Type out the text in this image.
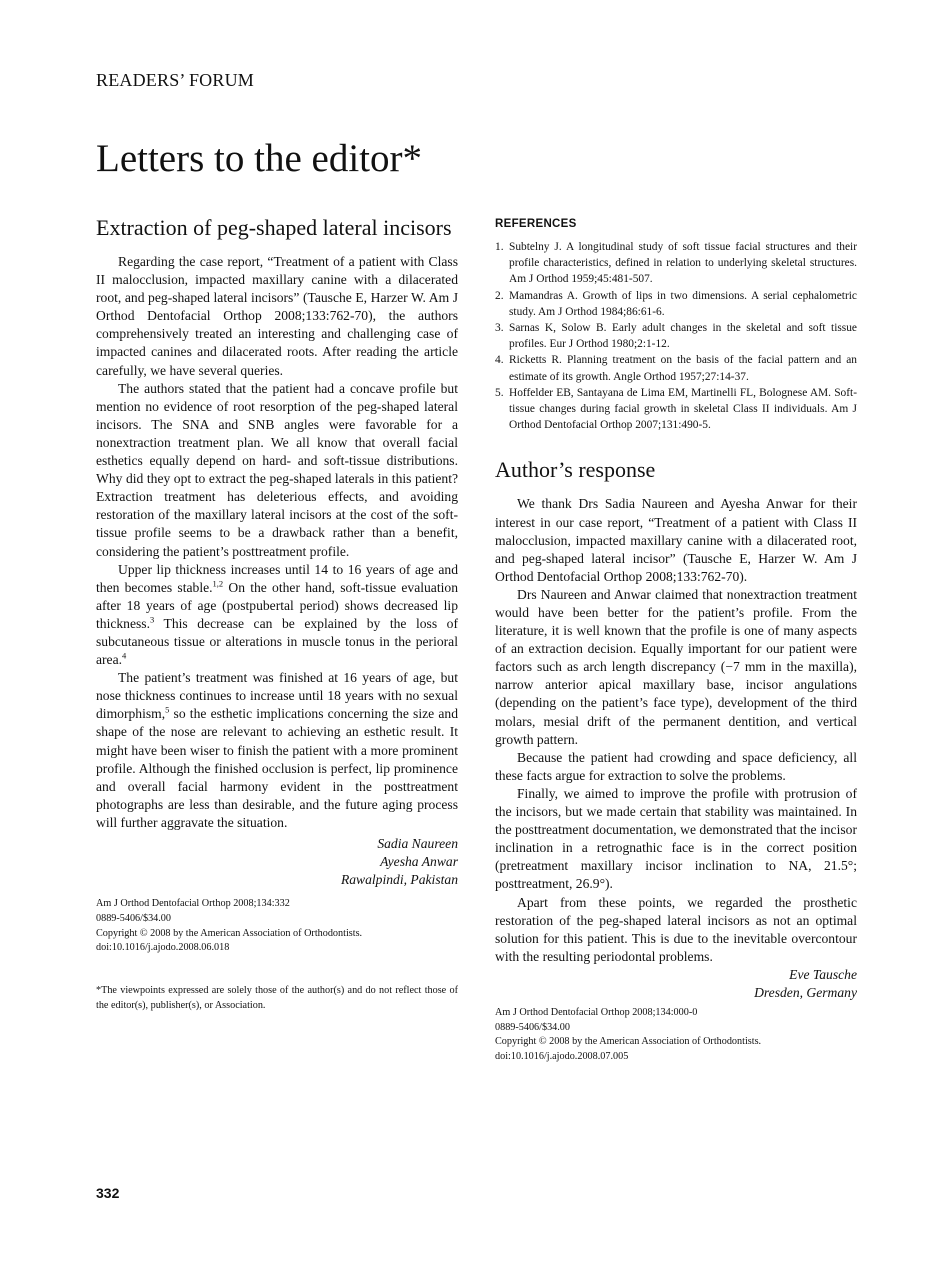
READERS’ FORUM
Letters to the editor*
Extraction of peg-shaped lateral incisors

Regarding the case report, “Treatment of a patient with Class II malocclusion, impacted maxillary canine with a dilacerated root, and peg-shaped lateral incisors” (Tausche E, Harzer W. Am J Orthod Dentofacial Orthop 2008;133:762-70), the authors comprehensively treated an interesting and challenging case of impacted canines and dilacerated roots. After reading the article carefully, we have several queries.

The authors stated that the patient had a concave profile but mention no evidence of root resorption of the peg-shaped lateral incisors. The SNA and SNB angles were favorable for a nonextraction treatment plan. We all know that overall facial esthetics equally depend on hard- and soft-tissue distributions. Why did they opt to extract the peg-shaped laterals in this patient? Extraction treatment has deleterious effects, and avoiding restoration of the maxillary lateral incisors at the cost of the soft-tissue profile seems to be a drawback rather than a benefit, considering the patient’s posttreatment profile.

Upper lip thickness increases until 14 to 16 years of age and then becomes stable.$^{1,2}$ On the other hand, soft-tissue evaluation after 18 years of age (postpubertal period) shows decreased lip thickness.$^3$ This decrease can be explained by the loss of subcutaneous tissue or alterations in muscle tonus in the perioral area.$^4$

The patient’s treatment was finished at 16 years of age, but nose thickness continues to increase until 18 years with no sexual dimorphism,$^5$ so the esthetic implications concerning the size and shape of the nose are relevant to achieving an esthetic result. It might have been wiser to finish the patient with a more prominent profile. Although the finished occlusion is perfect, lip prominence and overall facial harmony evident in the posttreatment photographs are less than desirable, and the future aging process will further aggravate the situation.

Sadia Naureen
Ayesha Anwar
Rawalpindi, Pakistan
Am J Orthod Dentofacial Orthop 2008;134:332
0889-5406/$34.00
Copyright © 2008 by the American Association of Orthodontists.
doi:10.1016/j.ajodo.2008.06.018
*The viewpoints expressed are solely those of the author(s) and do not reflect those of the editor(s), publisher(s), or Association.
REFERENCES
1. Subtelny J. A longitudinal study of soft tissue facial structures and their profile characteristics, defined in relation to underlying skeletal structures. Am J Orthod 1959;45:481-507.
2. Mamandras A. Growth of lips in two dimensions. A serial cephalometric study. Am J Orthod 1984;86:61-6.
3. Sarnas K, Solow B. Early adult changes in the skeletal and soft tissue profiles. Eur J Orthod 1980;2:1-12.
4. Ricketts R. Planning treatment on the basis of the facial pattern and an estimate of its growth. Angle Orthod 1957;27:14-37.
5. Hoffelder EB, Santayana de Lima EM, Martinelli FL, Bolognese AM. Soft-tissue changes during facial growth in skeletal Class II individuals. Am J Orthod Dentofacial Orthop 2007;131:490-5.
Author’s response

We thank Drs Sadia Naureen and Ayesha Anwar for their interest in our case report, “Treatment of a patient with Class II malocclusion, impacted maxillary canine with a dilacerated root, and peg-shaped lateral incisor” (Tausche E, Harzer W. Am J Orthod Dentofacial Orthop 2008;133:762-70).

Drs Naureen and Anwar claimed that nonextraction treatment would have been better for the patient’s profile. From the literature, it is well known that the profile is one of many aspects of an extraction decision. Equally important for our patient were factors such as arch length discrepancy (−7 mm in the maxilla), narrow anterior apical maxillary base, incisor angulations (depending on the patient’s face type), development of the third molars, mesial drift of the permanent dentition, and vertical growth pattern.

Because the patient had crowding and space deficiency, all these facts argue for extraction to solve the problems.

Finally, we aimed to improve the profile with protrusion of the incisors, but we made certain that stability was maintained. In the posttreatment documentation, we demonstrated that the incisor inclination in a retrognathic face is in the correct position (pretreatment maxillary incisor inclination to NA, 21.5°; posttreatment, 26.9°).

Apart from these points, we regarded the prosthetic restoration of the peg-shaped lateral incisors as not an optimal solution for this patient. This is due to the inevitable overcontour with the resulting periodontal problems.

Eve Tausche
Dresden, Germany
Am J Orthod Dentofacial Orthop 2008;134:000-0
0889-5406/$34.00
Copyright © 2008 by the American Association of Orthodontists.
doi:10.1016/j.ajodo.2008.07.005
332
